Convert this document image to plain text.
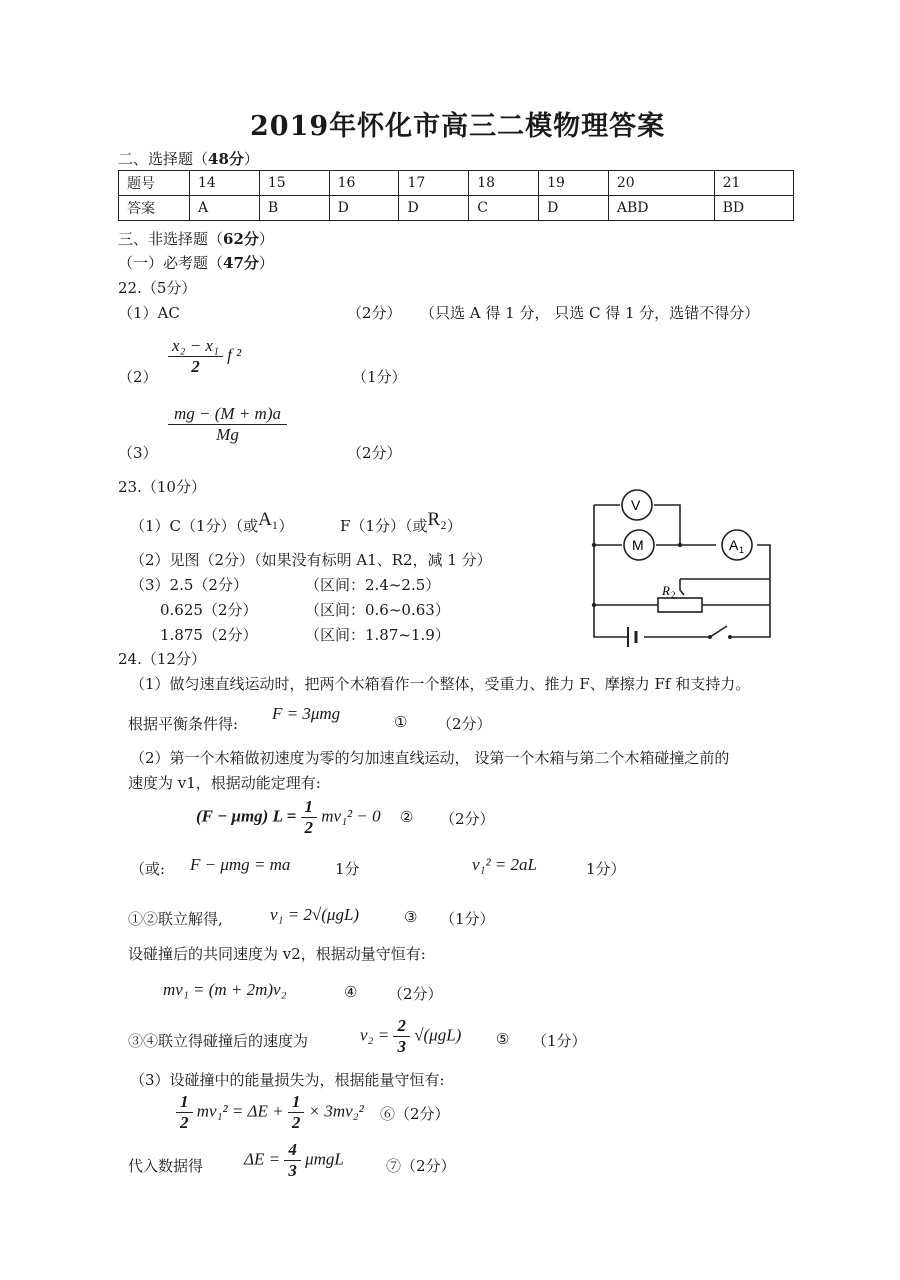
2019年怀化市高三二模物理答案
二、选择题（48分）
题号	14	15	16	17	18	19	20	21
答案	A	B	D	D	C	D	ABD	BD
三、非选择题（62分）
（一）必考题（47分）
22.（5分）
（1）AC	（2分） （只选 A 得 1 分， 只选 C 得 1 分，选错不得分）
$(2) \frac{\text{x₂ − x₁}}{2}$ f ²
（1分）
（3）
$\frac{mg - (M + m)a}{Mg}$
（2分）
23.（10分）
（1）C（1分）（或A₁）	F（1分）（或R₂）
（2）见图（2分）（如果没有标明 A1、R2，减 1 分）
（3）2.5（2分）	（区间：2.4~2.5）
0.625（2分）	（区间：0.6~0.63）
1.875（2分）	（区间：1.87~1.9）
V
M	A 1
R 2
24.（12分）
（1）做匀速直线运动时，把两个木箱看作一个整体，受重力、推力 F、摩擦力 Ff 和支持力。
根据平衡条件得:
F = 3μmg	① （2分）
（2）第一个木箱做初速度为零的匀加速直线运动， 设第一个木箱与第二个木箱碰撞之前的
速度为 v1，根据动能定理有:
(F − μmg) $L = \frac{1}{2} mv_1^2 - 0$ ② （2分）
（或: F − μmg = ma	1分	v₁² = 2aL	1分）
①②联立解得,	v₁ = 2√(μgL)	③ （1分）
设碰撞后的共同速度为 v2，根据动量守恒有:
mv₁ = (m + 2m)v₂	④ （2分）
③④联立得碰撞后的速度为	$v_2 = \frac{2}{3} √(\mu gL)$ ⑤ （1分）
（3）设碰撞中的能量损失为，根据能量守恒有:
$\frac{1}{2} mv_1^2 = \Delta E + \frac{1}{2} \times 3mv_2^2$ ⑥（2分）
代入数据得 $\Delta E = \frac{4}{3}$ μmgL	⑦（2分）
